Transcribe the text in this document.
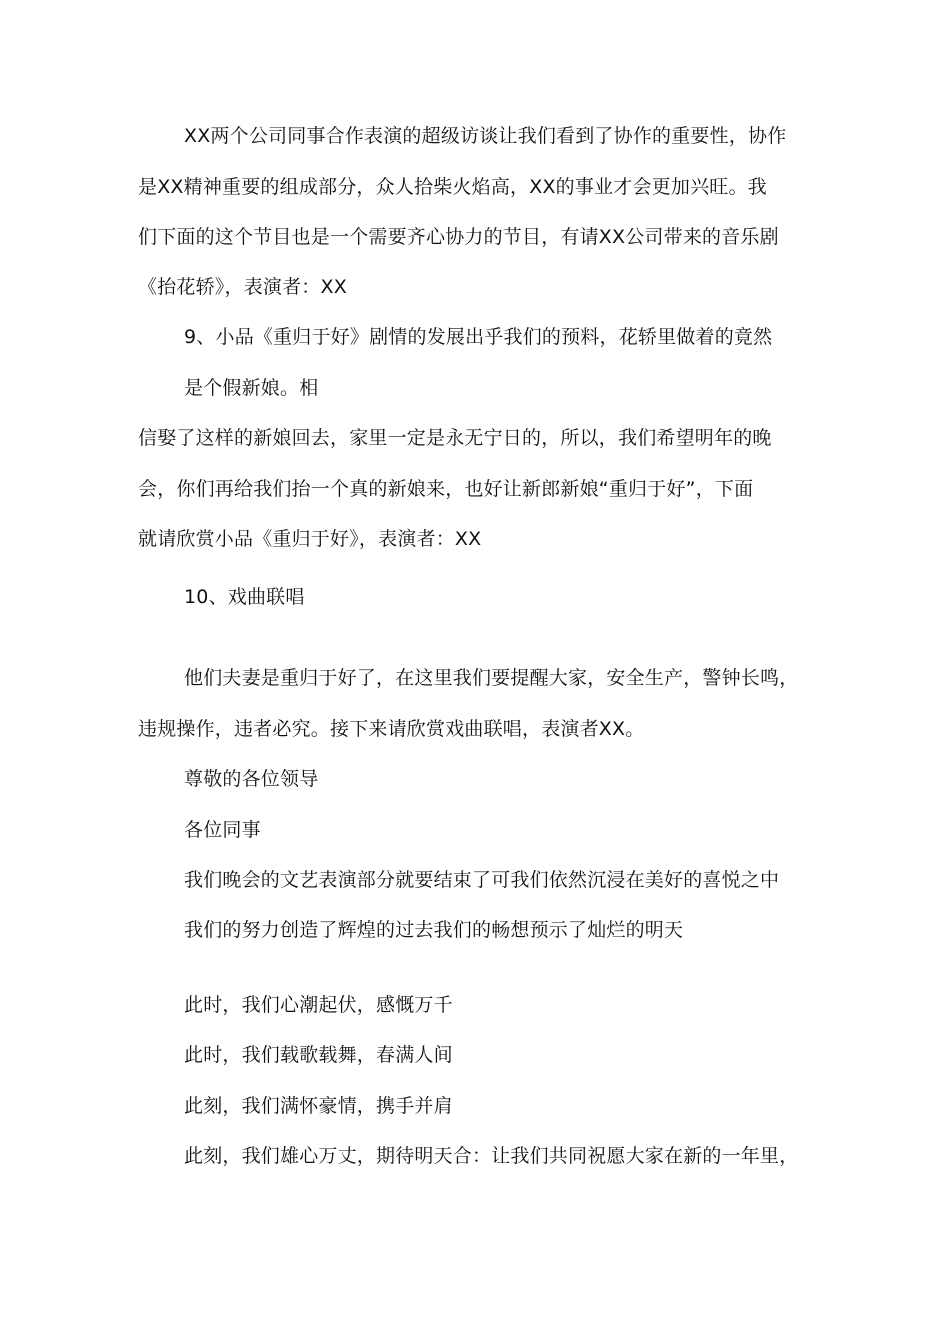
XX两个公司同事合作表演的超级访谈让我们看到了协作的重要性，协作
是XX精神重要的组成部分，众人拾柴火焰高，XX的事业才会更加兴旺。我
们下面的这个节目也是一个需要齐心协力的节目，有请XX公司带来的音乐剧
《抬花轿》，表演者：XX
9、小品《重归于好》剧情的发展出乎我们的预料，花轿里做着的竟然
是个假新娘。相
信娶了这样的新娘回去，家里一定是永无宁日的，所以，我们希望明年的晚
会，你们再给我们抬一个真的新娘来，也好让新郎新娘“重归于好”，下面
就请欣赏小品《重归于好》，表演者：XX
10、戏曲联唱
他们夫妻是重归于好了，在这里我们要提醒大家，安全生产，警钟长鸣，
违规操作，违者必究。接下来请欣赏戏曲联唱，表演者XX。
尊敬的各位领导
各位同事
我们晚会的文艺表演部分就要结束了可我们依然沉浸在美好的喜悦之中
我们的努力创造了辉煌的过去我们的畅想预示了灿烂的明天
此时，我们心潮起伏，感慨万千
此时，我们载歌载舞，春满人间
此刻，我们满怀豪情，携手并肩
此刻，我们雄心万丈，期待明天合：让我们共同祝愿大家在新的一年里，
